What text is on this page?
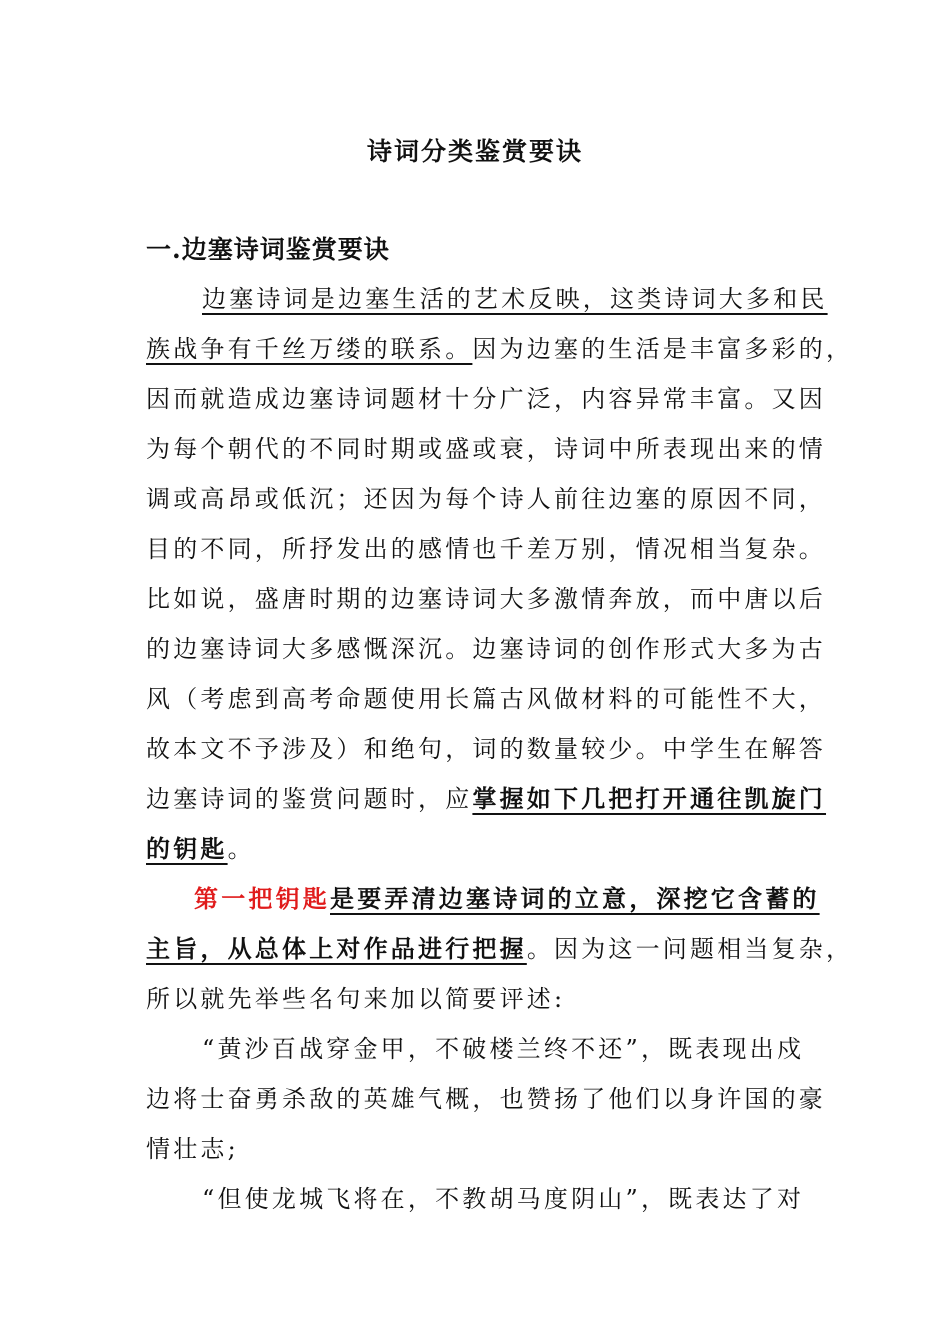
诗词分类鉴赏要诀
一.边塞诗词鉴赏要诀
边塞诗词是边塞生活的艺术反映，这类诗词大多和民
族战争有千丝万缕的联系。因为边塞的生活是丰富多彩的，
因而就造成边塞诗词题材十分广泛，内容异常丰富。又因
为每个朝代的不同时期或盛或衰，诗词中所表现出来的情
调或高昂或低沉；还因为每个诗人前往边塞的原因不同，
目的不同，所抒发出的感情也千差万别，情况相当复杂。
比如说，盛唐时期的边塞诗词大多激情奔放，而中唐以后
的边塞诗词大多感慨深沉。边塞诗词的创作形式大多为古
风（考虑到高考命题使用长篇古风做材料的可能性不大，
故本文不予涉及）和绝句，词的数量较少。中学生在解答
边塞诗词的鉴赏问题时，应掌握如下几把打开通往凯旋门
的钥匙。
第一把钥匙是要弄清边塞诗词的立意，深挖它含蓄的
主旨，从总体上对作品进行把握。因为这一问题相当复杂，
所以就先举些名句来加以简要评述:
“黄沙百战穿金甲，不破楼兰终不还”，既表现出戍
边将士奋勇杀敌的英雄气概，也赞扬了他们以身许国的豪
情壮志;
“但使龙城飞将在，不教胡马度阴山”，既表达了对
